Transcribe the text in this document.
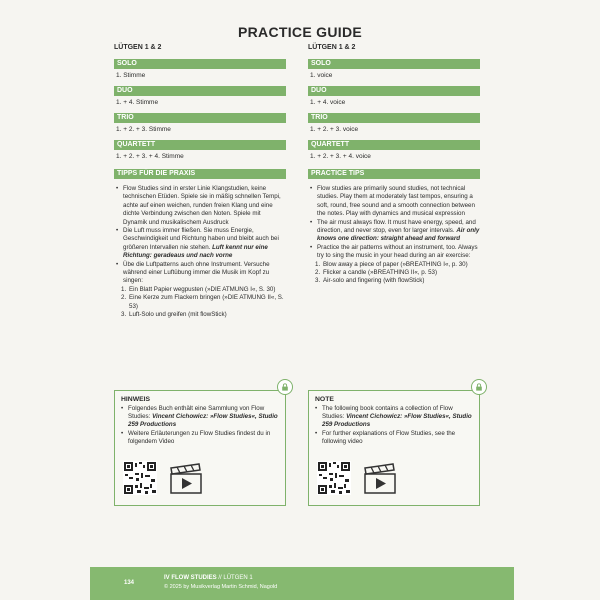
PRACTICE GUIDE
LÜTGEN 1 & 2
SOLO
1. Stimme
DUO
1. + 4. Stimme
TRIO
1. + 2. + 3. Stimme
QUARTETT
1. + 2. + 3. + 4. Stimme
TIPPS FÜR DIE PRAXIS
• Flow Studies sind in erster Linie Klangstudien, keine technischen Etüden. Spiele sie in mäßig schnellen Tempi, achte auf einen weichen, runden freien Klang und eine dichte Verbindung zwischen den Noten. Spiele mit Dynamik und musikalischem Ausdruck
• Die Luft muss immer fließen. Sie muss Energie, Geschwindigkeit und Richtung haben und bleibt auch bei größeren Intervallen nie stehen. Luft kennt nur eine Richtung: geradeaus und nach vorne
• Übe die Luftpatterns auch ohne Instrument. Versuche während einer Luftübung immer die Musik im Kopf zu singen:
1. Ein Blatt Papier wegpusten (»DIE ATMUNG I«, S. 30)
2. Eine Kerze zum Flackern bringen (»DIE ATMUNG II«, S. 53)
3. Luft-Solo und greifen (mit flowStick)
LÜTGEN 1 & 2
SOLO
1. voice
DUO
1. + 4. voice
TRIO
1. + 2. + 3. voice
QUARTETT
1. + 2. + 3. + 4. voice
PRACTICE TIPS
• Flow studies are primarily sound studies, not technical studies. Play them at moderately fast tempos, ensuring a soft, round, free sound and a smooth connection between the notes. Play with dynamics and musical expression
• The air must always flow. It must have energy, speed, and direction, and never stop, even for larger intervals. Air only knows one direction: straight ahead and forward
• Practice the air patterns without an instrument, too. Always try to sing the music in your head during an air exercise:
1. Blow away a piece of paper (»BREATHING I«, p. 30)
2. Flicker a candle (»BREATHING II«, p. 53)
3. Air-solo and fingering (with flowStick)
HINWEIS
• Folgendes Buch enthält eine Sammlung von Flow Studies: Vincent Cichowicz: »Flow Studies«, Studio 259 Productions
• Weitere Erläuterungen zu Flow Studies findest du in folgendem Video
NOTE
• The following book contains a collection of Flow Studies: Vincent Cichowicz: »Flow Studies«, Studio 259 Productions
• For further explanations of Flow Studies, see the following video
134
IV FLOW STUDIES // LÜTGEN 1
© 2025 by Musikverlag Martin Schmid, Nagold
